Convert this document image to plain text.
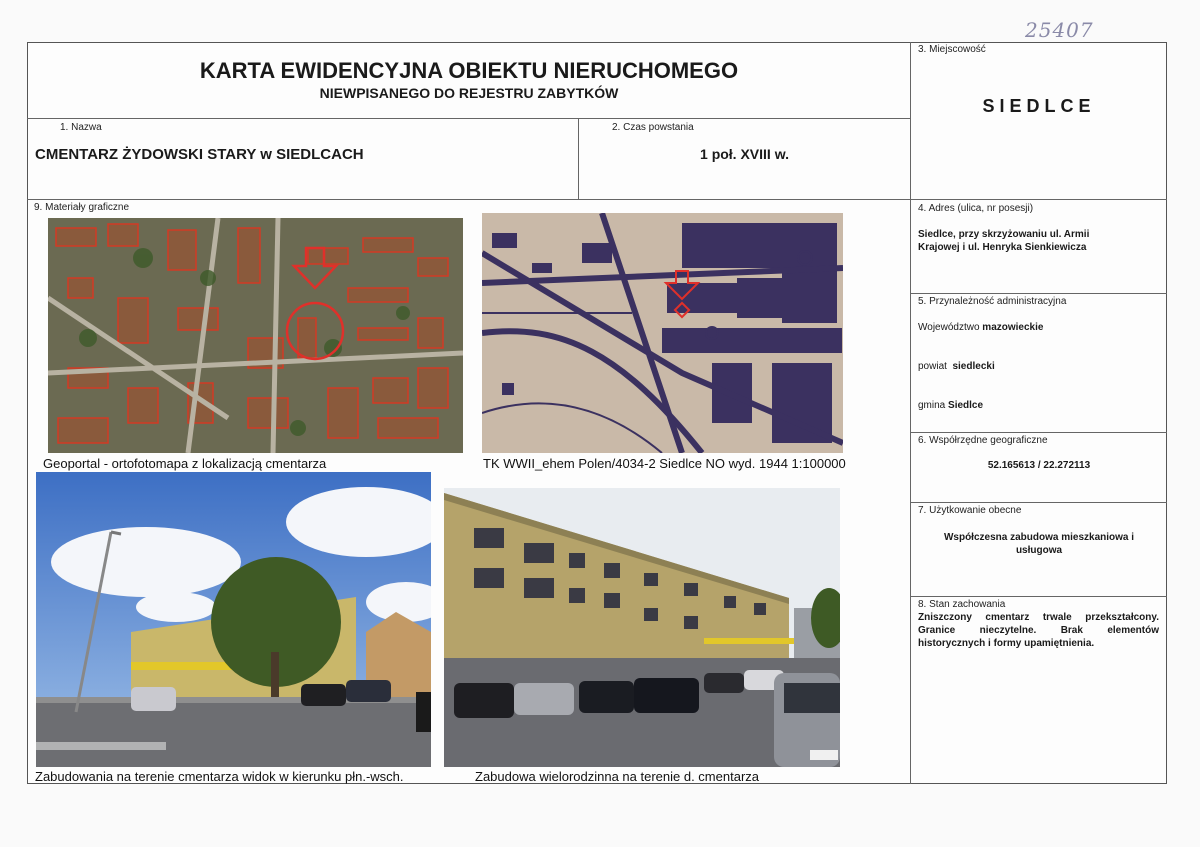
25407
KARTA EWIDENCYJNA OBIEKTU NIERUCHOMEGO
NIEWPISANEGO DO REJESTRU ZABYTKÓW
1. Nazwa
CMENTARZ ŻYDOWSKI STARY w SIEDLCACH
2. Czas powstania
1 poł. XVIII w.
3. Miejscowość
SIEDLCE
4. Adres (ulica, nr posesji)
Siedlce, przy skrzyżowaniu ul. Armii Krajowej i ul. Henryka Sienkiewicza
5. Przynależność administracyjna
Województwo mazowieckie
powiat siedlecki
gmina Siedlce
6. Współrzędne geograficzne
52.165613 / 22.272113
7. Użytkowanie obecne
Współczesna zabudowa mieszkaniowa i usługowa
8. Stan zachowania
Zniszczony cmentarz trwale przekształcony. Granice nieczytelne. Brak elementów historycznych i formy upamiętnienia.
9. Materiały graficzne
Geoportal - ortofotomapa z lokalizacją cmentarza	TK WWII_ehem Polen/4034-2 Siedlce NO wyd. 1944 1:100000
Zabudowania na terenie cmentarza widok w kierunku płn.-wsch.	Zabudowa wielorodzinna na terenie d. cmentarza
